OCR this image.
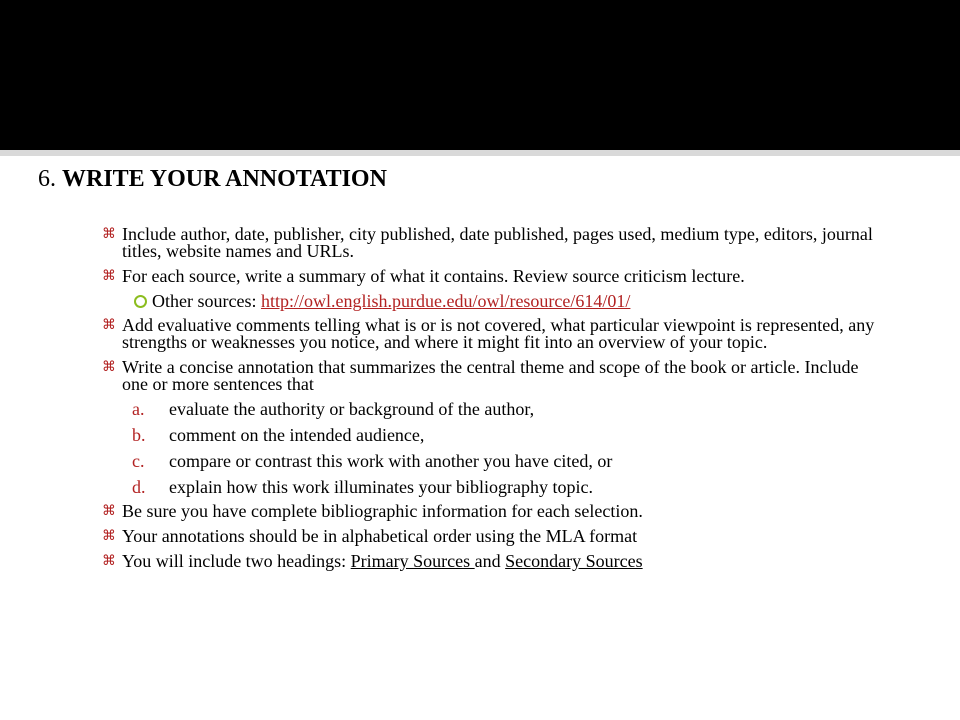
6. WRITE YOUR ANNOTATION
⌘ Include author, date, publisher, city published, date published, pages used, medium type, editors, journal titles, website names and URLs.
⌘ For each source, write a summary of what it contains. Review source criticism lecture.
Other sources: http://owl.english.purdue.edu/owl/resource/614/01/
⌘ Add evaluative comments telling what is or is not covered, what particular viewpoint is represented, any strengths or weaknesses you notice, and where it might fit into an overview of your topic.
⌘ Write a concise annotation that summarizes the central theme and scope of the book or article. Include one or more sentences that
a. evaluate the authority or background of the author,
b. comment on the intended audience,
c. compare or contrast this work with another you have cited, or
d. explain how this work illuminates your bibliography topic.
⌘ Be sure you have complete bibliographic information for each selection.
⌘ Your annotations should be in alphabetical order using the MLA format
⌘ You will include two headings: Primary Sources and Secondary Sources
